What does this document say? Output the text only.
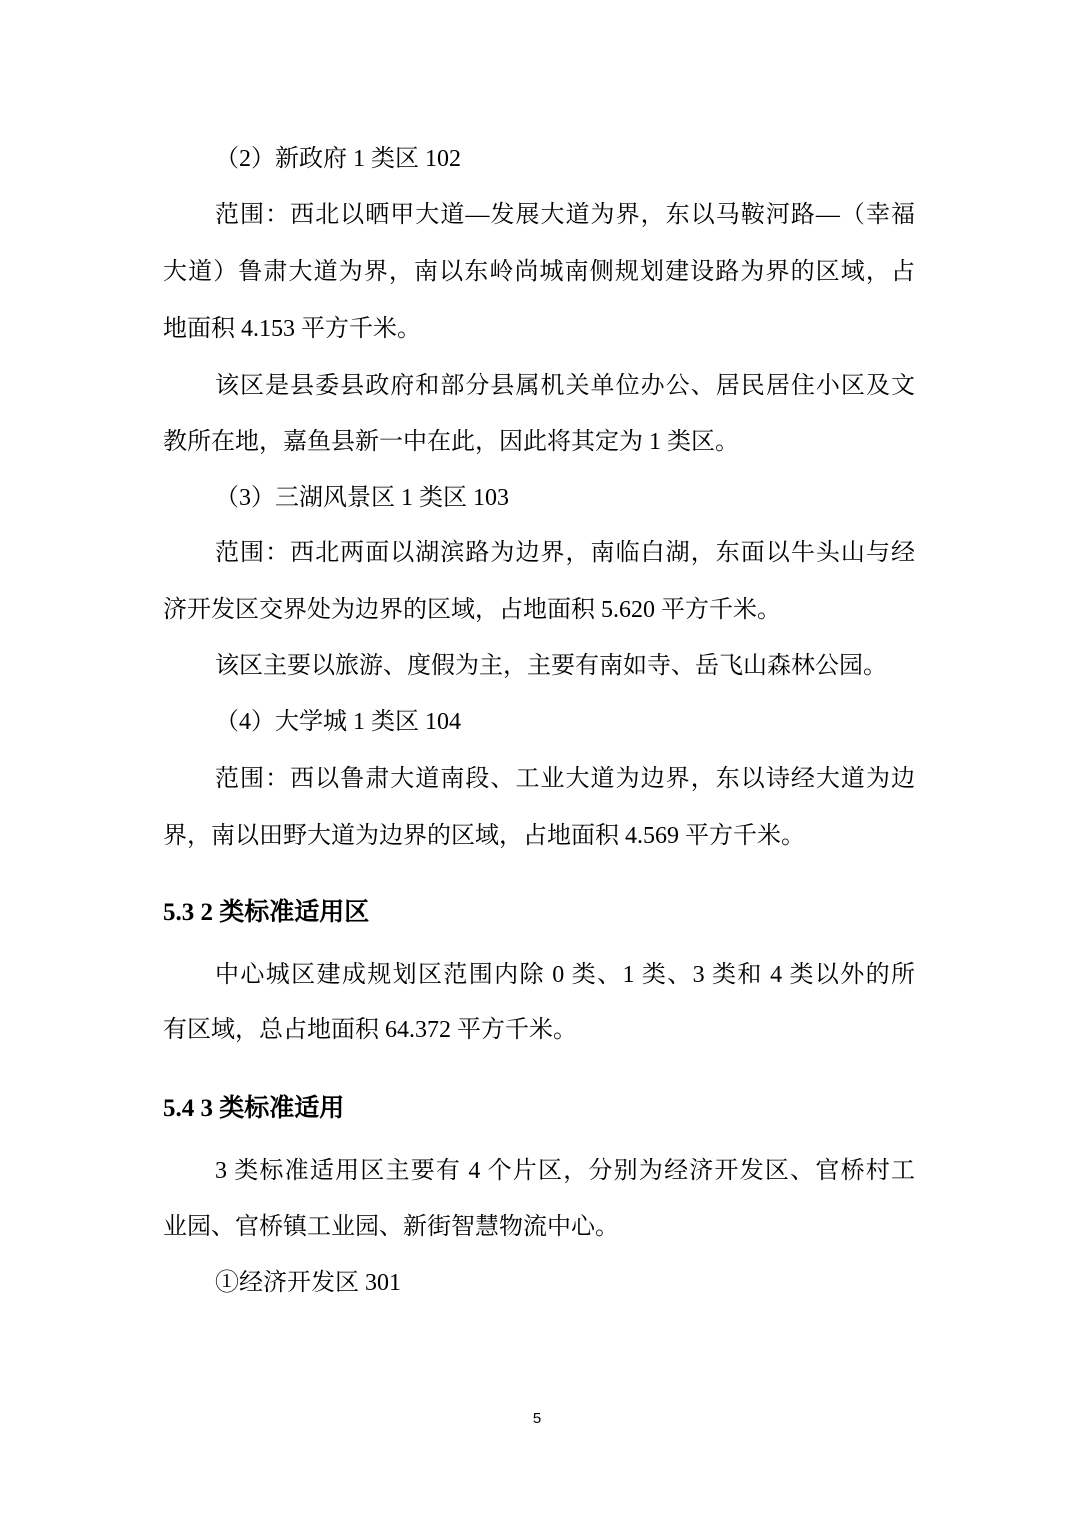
（2）新政府 1 类区 102
范围：西北以晒甲大道—发展大道为界，东以马鞍河路—（幸福
大道）鲁肃大道为界，南以东岭尚城南侧规划建设路为界的区域，占
地面积 4.153 平方千米。
该区是县委县政府和部分县属机关单位办公、居民居住小区及文
教所在地，嘉鱼县新一中在此，因此将其定为 1 类区。
（3）三湖风景区 1 类区 103
范围：西北两面以湖滨路为边界，南临白湖，东面以牛头山与经
济开发区交界处为边界的区域，占地面积 5.620 平方千米。
该区主要以旅游、度假为主，主要有南如寺、岳飞山森林公园。
（4）大学城 1 类区 104
范围：西以鲁肃大道南段、工业大道为边界，东以诗经大道为边
界，南以田野大道为边界的区域，占地面积 4.569 平方千米。
5.3 2 类标准适用区
中心城区建成规划区范围内除 0 类、1 类、3 类和 4 类以外的所
有区域，总占地面积 64.372 平方千米。
5.4 3 类标准适用
3 类标准适用区主要有 4 个片区，分别为经济开发区、官桥村工
业园、官桥镇工业园、新街智慧物流中心。
①经济开发区 301
5
